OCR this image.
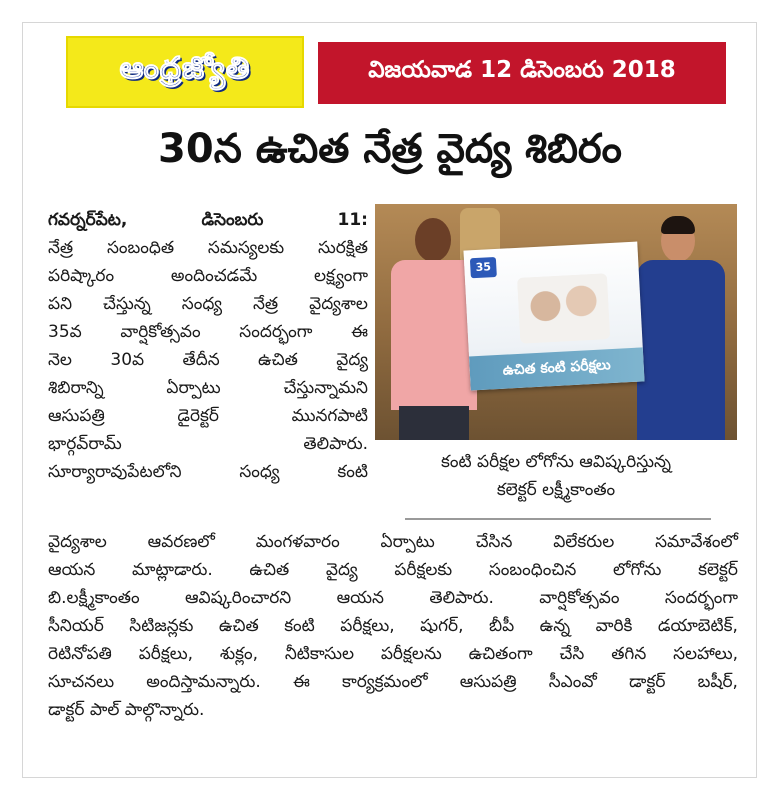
ఆంధ్రజ్యోతి	విజయవాడ 12 డిసెంబరు 2018
30న ఉచిత నేత్ర వైద్య శిబిరం
35
ఉచిత కంటి పరీక్షలు
కంటి పరీక్షల లోగోను ఆవిష్కరిస్తున్న
కలెక్టర్ లక్ష్మీకాంతం
గవర్నర్‌పేట,	డిసెంబరు	11:
నేత్ర సంబంధిత సమస్యలకు సురక్షిత
పరిష్కారం	అందించడమే	లక్ష్యంగా
పని చేస్తున్న సంధ్య నేత్ర వైద్యశాల
35వ వార్షికోత్సవం సందర్భంగా ఈ
నెల 30వ తేదీన ఉచిత వైద్య
శిబిరాన్ని	ఏర్పాటు	చేస్తున్నామని
ఆసుపత్రి	డైరెక్టర్	మునగపాటి
భార్గవ్‌రామ్	తెలిపారు.
సూర్యారావుపేటలోని	సంధ్య	కంటి
వైద్యశాల ఆవరణలో మంగళవారం ఏర్పాటు చేసిన విలేకరుల సమావేశంలో
ఆయన మాట్లాడారు. ఉచిత వైద్య పరీక్షలకు సంబంధించిన లోగోను కలెక్టర్
బి.లక్ష్మీకాంతం	ఆవిష్కరించారని	ఆయన	తెలిపారు.	వార్షికోత్సవం	సందర్భంగా
సీనియర్ సిటిజన్లకు ఉచిత కంటి పరీక్షలు, షుగర్, బీపీ ఉన్న వారికి డయాబెటిక్,
రెటినోపతి పరీక్షలు, శుక్లం, నీటికాసుల పరీక్షలను ఉచితంగా చేసి తగిన సలహాలు,
సూచనలు అందిస్తామన్నారు. ఈ కార్యక్రమంలో ఆసుపత్రి సీఎంవో డాక్టర్ బషీర్,
డాక్టర్ పాల్ పాల్గొన్నారు.
